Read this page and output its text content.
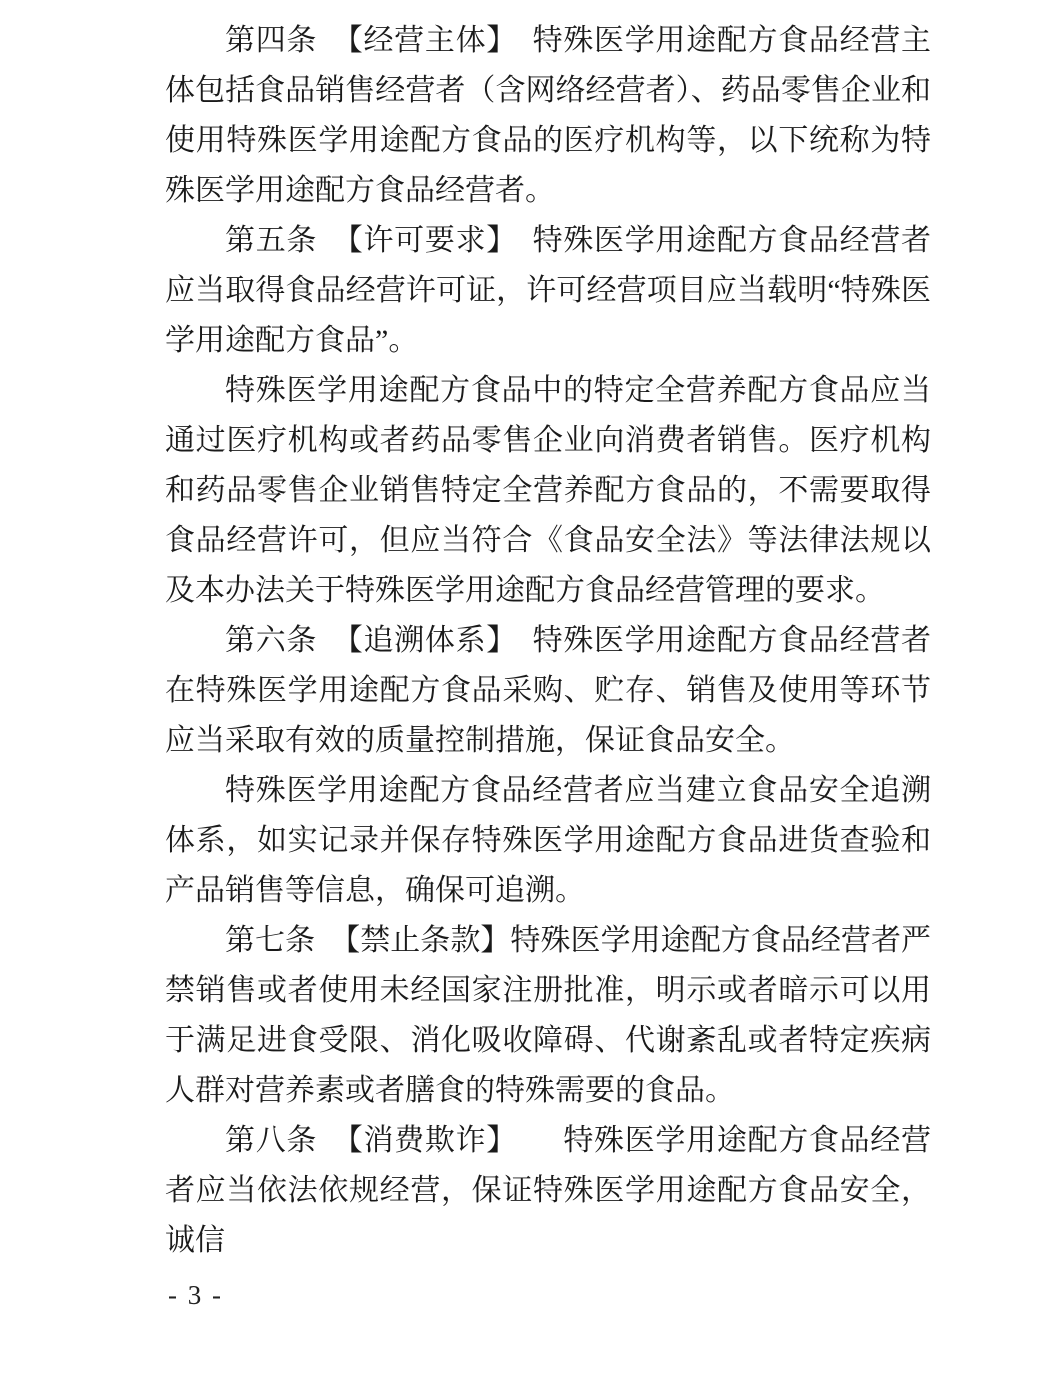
第四条　【经营主体】　特殊医学用途配方食品经营主体包括食品销售经营者（含网络经营者）、药品零售企业和使用特殊医学用途配方食品的医疗机构等，以下统称为特殊医学用途配方食品经营者。

第五条　【许可要求】　特殊医学用途配方食品经营者应当取得食品经营许可证，许可经营项目应当载明“特殊医学用途配方食品”。

特殊医学用途配方食品中的特定全营养配方食品应当通过医疗机构或者药品零售企业向消费者销售。医疗机构和药品零售企业销售特定全营养配方食品的，不需要取得食品经营许可，但应当符合《食品安全法》等法律法规以及本办法关于特殊医学用途配方食品经营管理的要求。

第六条　【追溯体系】　特殊医学用途配方食品经营者在特殊医学用途配方食品采购、贮存、销售及使用等环节应当采取有效的质量控制措施，保证食品安全。

特殊医学用途配方食品经营者应当建立食品安全追溯体系，如实记录并保存特殊医学用途配方食品进货查验和产品销售等信息，确保可追溯。

第七条　【禁止条款】特殊医学用途配方食品经营者严禁销售或者使用未经国家注册批准，明示或者暗示可以用于满足进食受限、消化吸收障碍、代谢紊乱或者特定疾病人群对营养素或者膳食的特殊需要的食品。

第八条　【消费欺诈】　　特殊医学用途配方食品经营者应当依法依规经营，保证特殊医学用途配方食品安全，诚信

- 3 -
